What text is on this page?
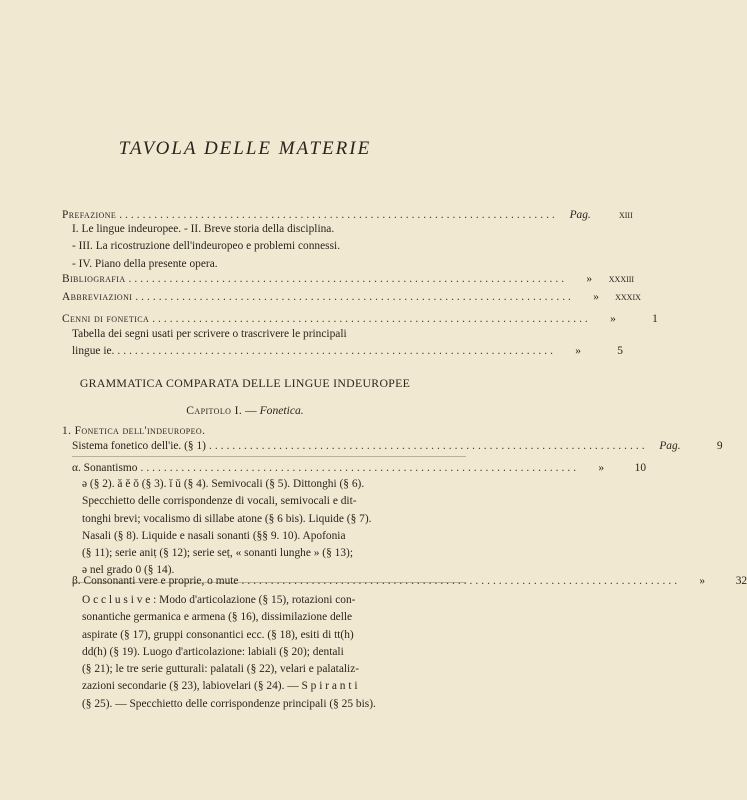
TAVOLA DELLE MATERIE
Prefazione ...........................................................................	Pag.	xiii
I. Le lingue indeuropee. - II. Breve storia della disciplina.
- III. La ricostruzione dell'indeuropeo e problemi connessi.
- IV. Piano della presente opera.
Bibliografia ...........................................................................	»	xxxiii
Abbreviazioni ...........................................................................	»	xxxix
Cenni di fonetica ...........................................................................	»	1
Tabella dei segni usati per scrivere o trascrivere le principali
lingue ie. ...........................................................................	»	5
GRAMMATICA COMPARATA DELLE LINGUE INDEUROPEE
Capitolo I. — Fonetica.
1. Fonetica dell'indeuropeo.
Sistema fonetico dell'ie. (§ 1) ...........................................................................	Pag.	9
α. Sonantismo ...........................................................................	»	10
ə (§ 2). ă ĕ ŏ (§ 3). ĭ ŭ (§ 4). Semivocali (§ 5). Dittonghi (§ 6).
Specchietto delle corrispondenze di vocali, semivocali e dit-
tonghi brevi; vocalismo di sillabe atone (§ 6 bis). Liquide (§ 7).
Nasali (§ 8). Liquide e nasali sonanti (§§ 9. 10). Apofonia
(§ 11); serie aniṭ (§ 12); serie seṭ, « sonanti lunghe » (§ 13);
ə nel grado 0 (§ 14).
β. Consonanti vere e proprie, o mute ...........................................................................	»	32
O c c l u s i v e : Modo d'articolazione (§ 15), rotazioni con-
sonantiche germanica e armena (§ 16), dissimilazione delle
aspirate (§ 17), gruppi consonantici ecc. (§ 18), esiti di tt(h)
dd(h) (§ 19). Luogo d'articolazione: labiali (§ 20); dentali
(§ 21); le tre serie gutturali: palatali (§ 22), velari e palataliz-
zazioni secondarie (§ 23), labiovelari (§ 24). — S p i r a n t i
(§ 25). — Specchietto delle corrispondenze principali (§ 25 bis).
